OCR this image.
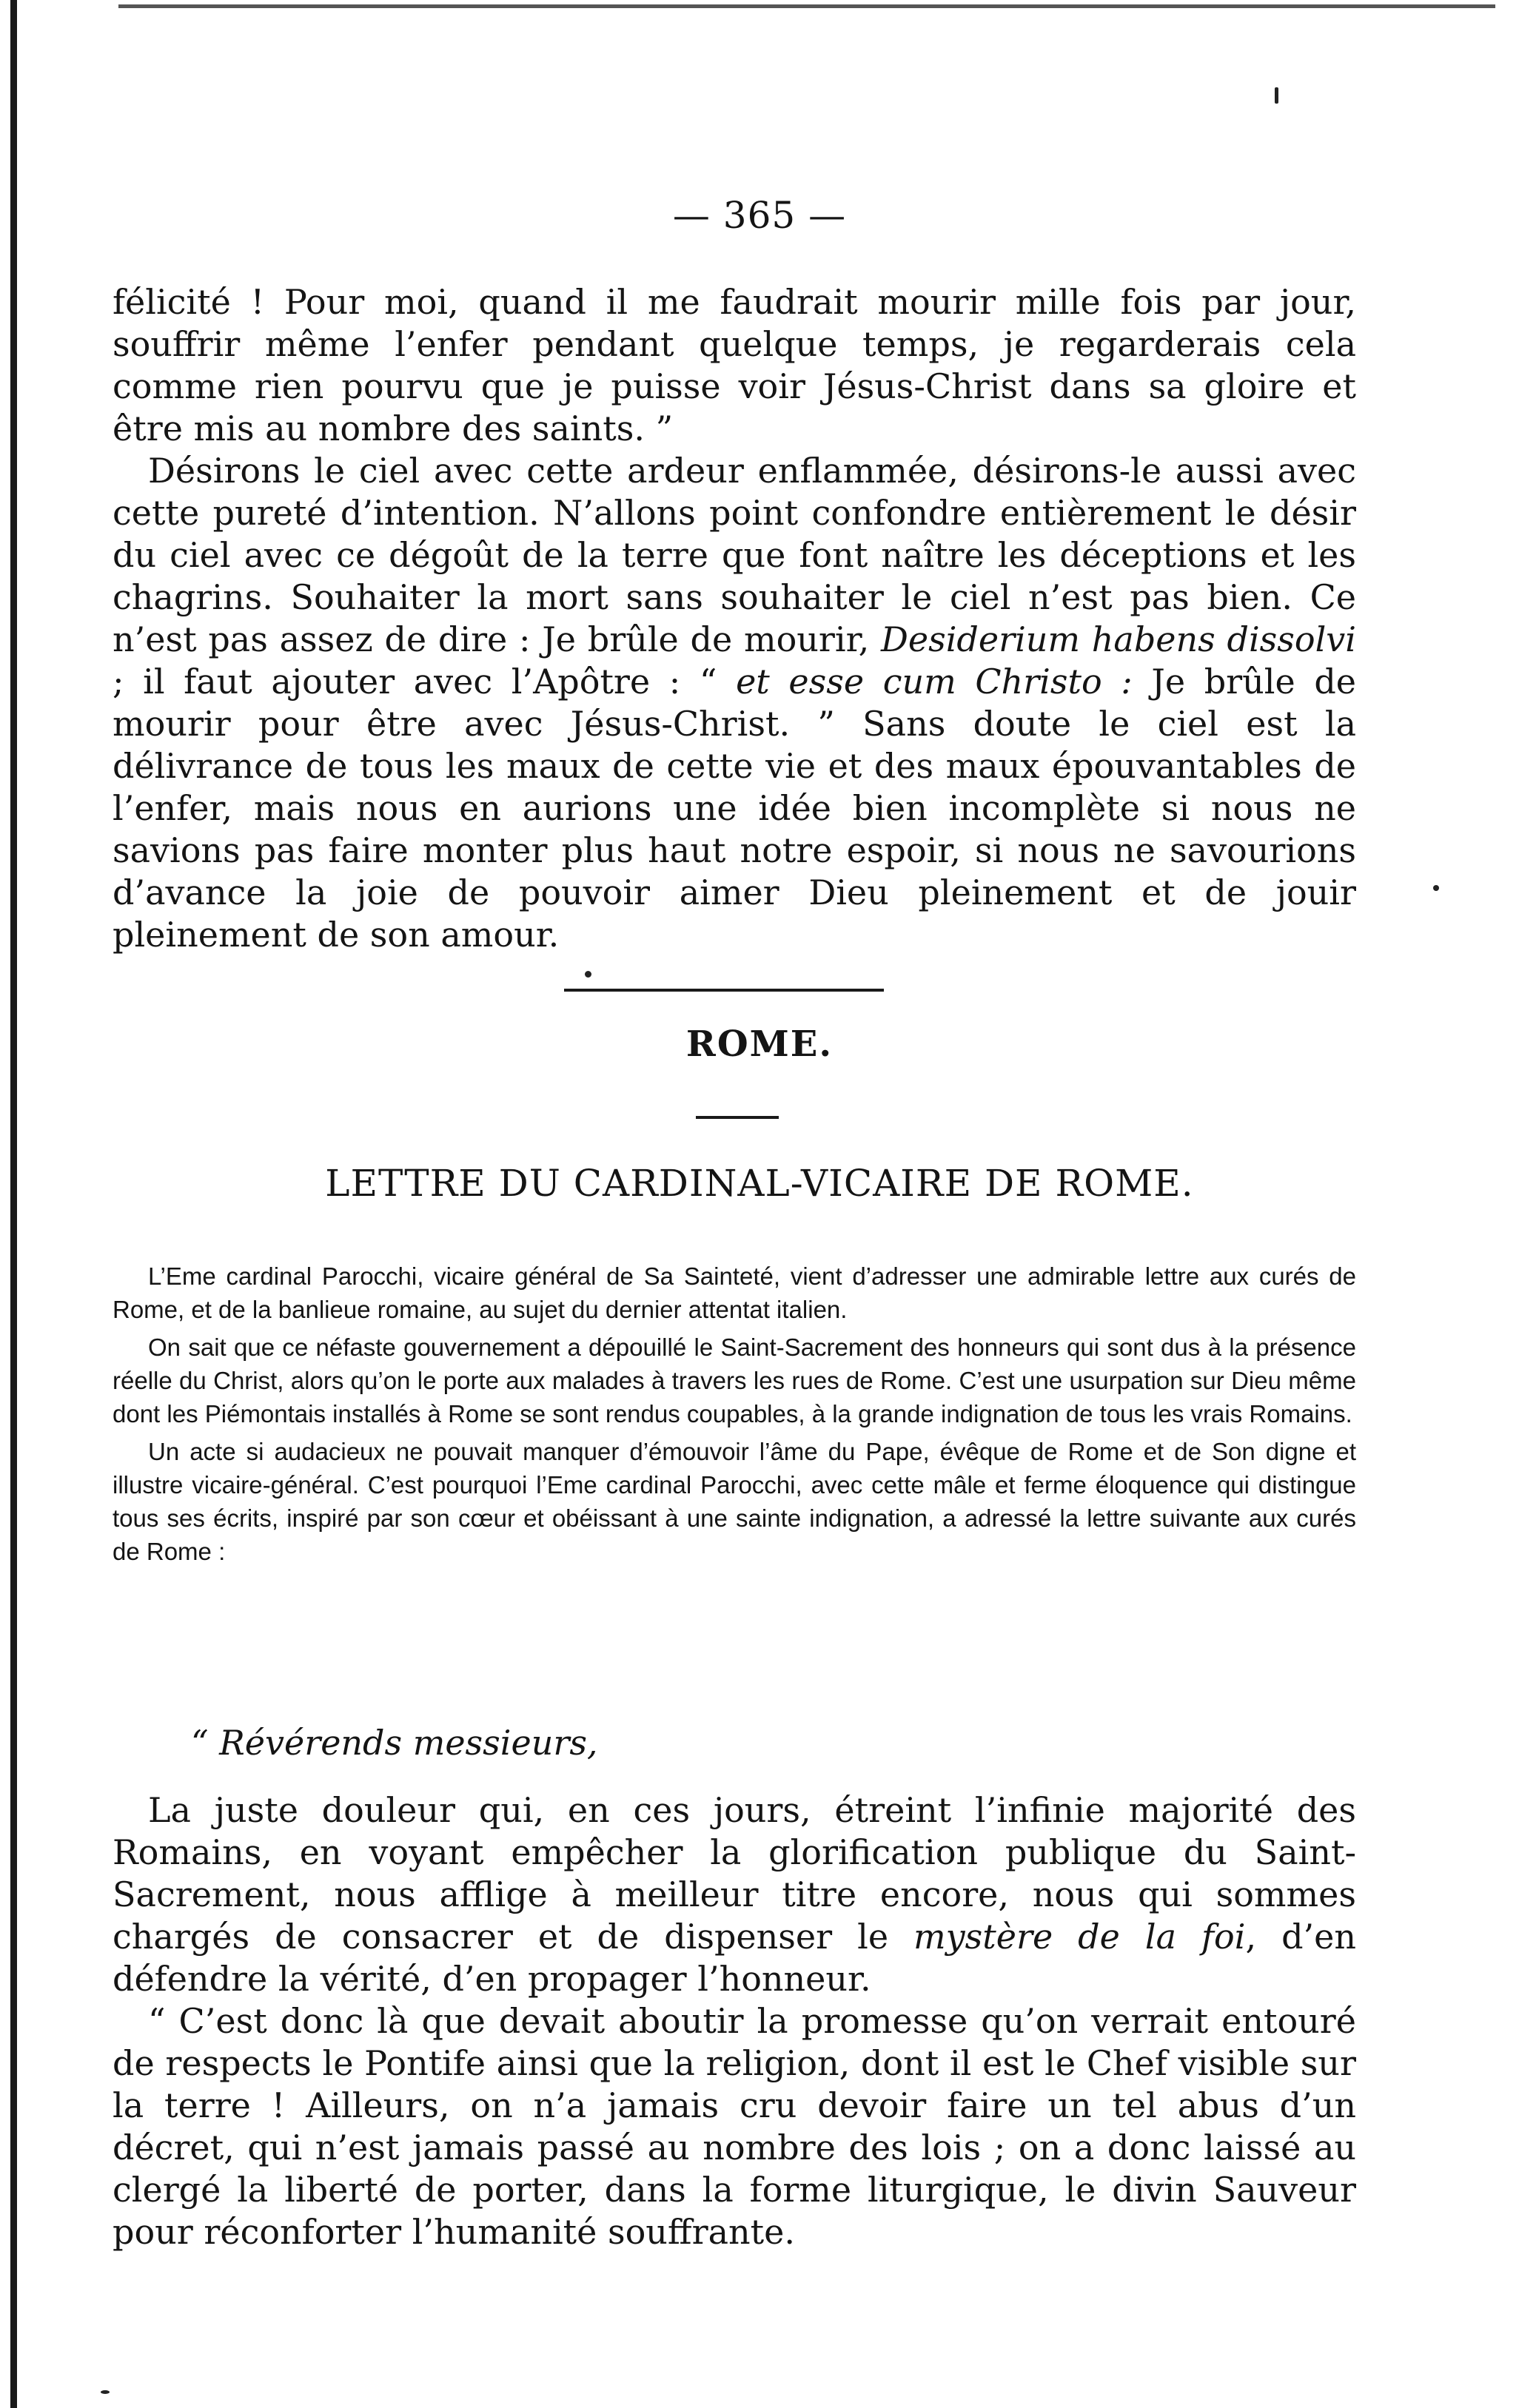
— 365 —

félicité ! Pour moi, quand il me faudrait mourir mille fois par jour, souffrir même l’enfer pendant quelque temps, je regarderais cela comme rien pourvu que je puisse voir Jésus-Christ dans sa gloire et être mis au nombre des saints. ”

Désirons le ciel avec cette ardeur enflammée, désirons-le aussi avec cette pureté d’intention. N’allons point confondre entièrement le désir du ciel avec ce dégoût de la terre que font naître les déceptions et les chagrins. Souhaiter la mort sans souhaiter le ciel n’est pas bien. Ce n’est pas assez de dire : Je brûle de mourir, Desiderium habens dissolvi ; il faut ajouter avec l’Apôtre : “ et esse cum Christo : Je brûle de mourir pour être avec Jésus-Christ. ” Sans doute le ciel est la délivrance de tous les maux de cette vie et des maux épouvantables de l’enfer, mais nous en aurions une idée bien incomplète si nous ne savions pas faire monter plus haut notre espoir, si nous ne savourions d’avance la joie de pouvoir aimer Dieu pleinement et de jouir pleinement de son amour.

ROME.
LETTRE DU CARDINAL-VICAIRE DE ROME.

L’Eme cardinal Parocchi, vicaire général de Sa Sainteté, vient d’adresser une admirable lettre aux curés de Rome, et de la banlieue romaine, au sujet du dernier attentat italien.

On sait que ce néfaste gouvernement a dépouillé le Saint-Sacrement des honneurs qui sont dus à la présence réelle du Christ, alors qu’on le porte aux malades à travers les rues de Rome. C’est une usurpation sur Dieu même dont les Piémontais installés à Rome se sont rendus coupables, à la grande indignation de tous les vrais Romains.

Un acte si audacieux ne pouvait manquer d’émouvoir l’âme du Pape, évêque de Rome et de Son digne et illustre vicaire-général. C’est pourquoi l’Eme cardinal Parocchi, avec cette mâle et ferme éloquence qui distingue tous ses écrits, inspiré par son cœur et obéissant à une sainte indignation, a adressé la lettre suivante aux curés de Rome :

“ Révérends messieurs,

La juste douleur qui, en ces jours, étreint l’infinie majorité des Romains, en voyant empêcher la glorification publique du Saint-Sacrement, nous afflige à meilleur titre encore, nous qui sommes chargés de consacrer et de dispenser le mystère de la foi, d’en défendre la vérité, d’en propager l’honneur.

“ C’est donc là que devait aboutir la promesse qu’on verrait entouré de respects le Pontife ainsi que la religion, dont il est le Chef visible sur la terre ! Ailleurs, on n’a jamais cru devoir faire un tel abus d’un décret, qui n’est jamais passé au nombre des lois ; on a donc laissé au clergé la liberté de porter, dans la forme liturgique, le divin Sauveur pour réconforter l’humanité souffrante.
